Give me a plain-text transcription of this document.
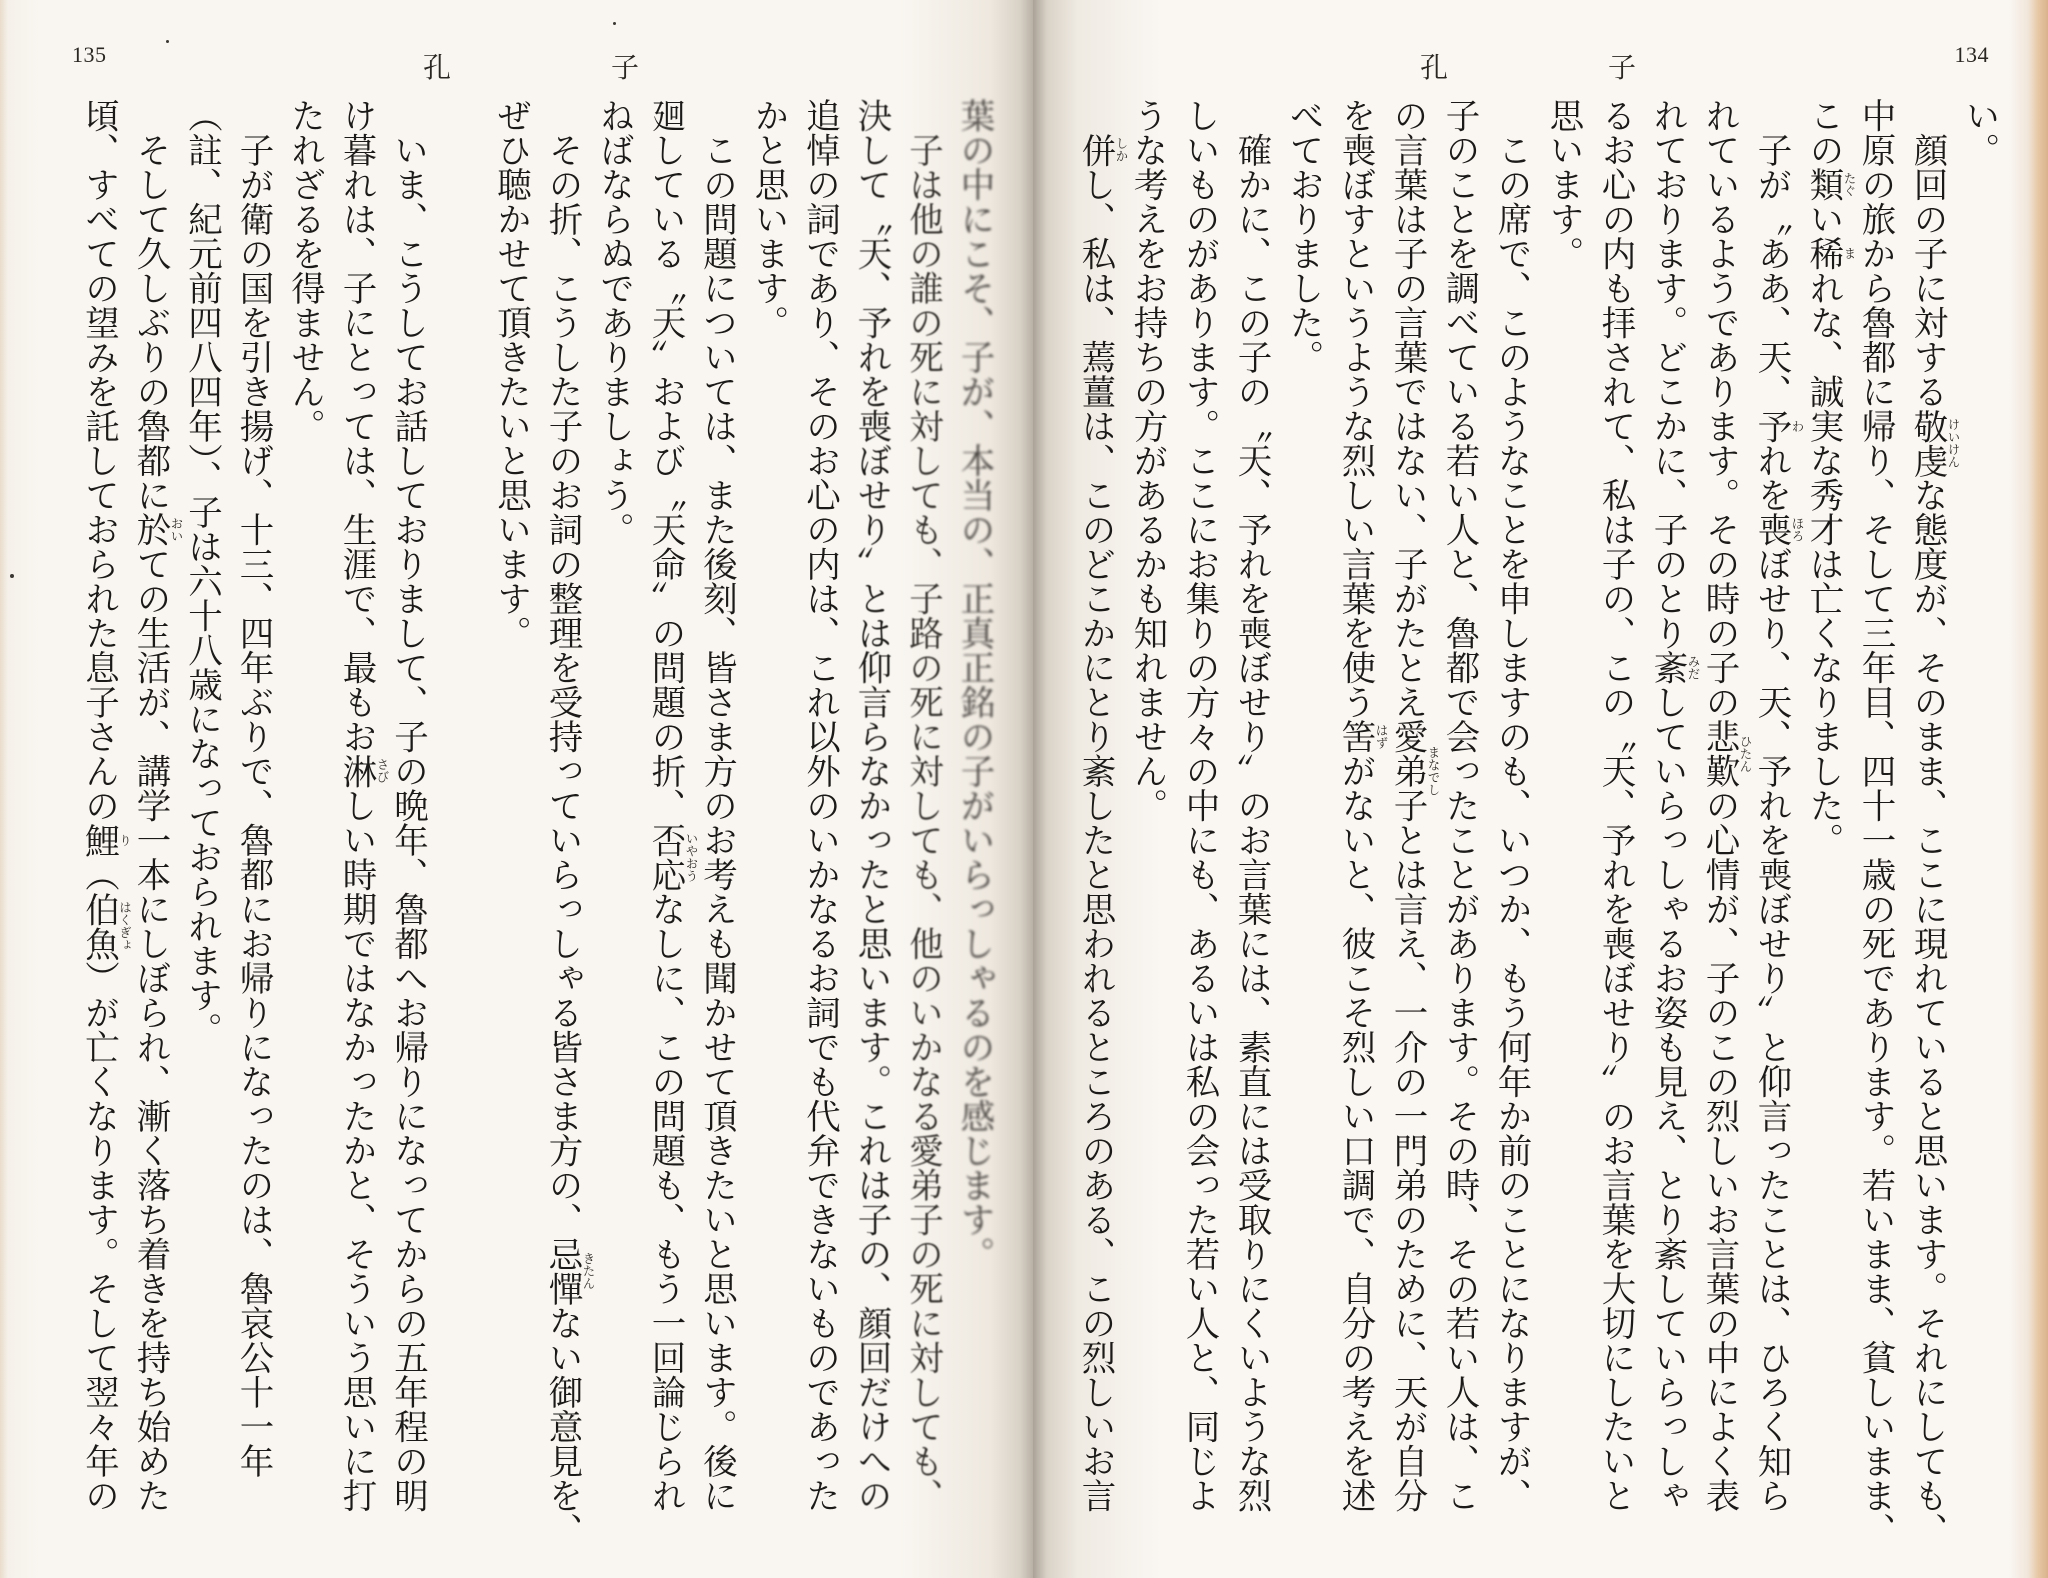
135	孔子	孔子	134
葉の中にこそ、子が、本当の、正真正銘の子がいらっしゃるのを感じます。
　子は他の誰の死に対しても、子路の死に対しても、他のいかなる愛弟子の死に対しても、
決して〝天、予れを喪ぼせり〟とは仰言らなかったと思います。これは子の、顔回だけへの
追悼の詞であり、そのお心の内は、これ以外のいかなるお詞でも代弁できないものであった
かと思います。
　この問題については、また後刻、皆さま方のお考えも聞かせて頂きたいと思います。後に
廻している〝天〟および〝天命〟の問題の折、否応 いやおう
なしに、この問題も、もう一回論じられ
ねばならぬでありましょう。
　その折、こうした子のお詞の整理を受持っていらっしゃる皆さま方の、忌憚 きたん
ない御意見を、
ぜひ聴かせて頂きたいと思います。
　いま、こうしてお話しておりまして、子の晩年、魯都へお帰りになってからの五年程の明
け暮れは、子にとっては、生涯で、最もお淋 さび
しい時期ではなかったかと、そういう思いに打
たれざるを得ません。
　子が衛の国を引き揚げ、十三、四年ぶりで、魯都にお帰りになったのは、魯哀公十一年
（註、紀元前四八四年）、子は六十八歳になっておられます。
　そして久しぶりの魯都に於 おい
ての生活が、講学一本にしぼられ、漸く落ち着きを持ち始めた
頃、すべての望みを託しておられた息子さんの鯉 り
（伯魚 はくぎょ
）が亡くなります。そして翌々年の
い。
　顔回の子に対する敬虔 けいけん
な態度が、そのまま、ここに現れていると思います。それにしても、
中原の旅から魯都に帰り、そして三年目、四十一歳の死であります。若いまま、貧しいまま、
この類 たぐ
い稀 ま
れな、誠実な秀才は亡くなりました。
　子が〝ああ、天、予 わ
れを喪 ほろ
ぼせり、天、予れを喪ぼせり〟と仰言ったことは、ひろく知ら
れているようであります。その時の子の悲歎 ひたん
の心情が、子のこの烈しいお言葉の中によく表
れております。どこかに、子のとり紊 みだ
していらっしゃるお姿も見え、とり紊していらっしゃ
るお心の内も拝されて、私は子の、この〝天、予れを喪ぼせり〟のお言葉を大切にしたいと
思います。
　この席で、このようなことを申しますのも、いつか、もう何年か前のことになりますが、
子のことを調べている若い人と、魯都で会ったことがあります。その時、その若い人は、こ
の言葉は子の言葉ではない、子がたとえ愛弟子 まなでし
とは言え、一介の一門弟のために、天が自分
を喪ぼすというような烈しい言葉を使う筈 はず
がないと、彼こそ烈しい口調で、自分の考えを述
べておりました。
　確かに、この子の〝天、予れを喪ぼせり〟のお言葉には、素直には受取りにくいような烈
しいものがあります。ここにお集りの方々の中にも、あるいは私の会った若い人と、同じよ
うな考えをお持ちの方があるかも知れません。
　併 しか
し、私は、蔫薑は、このどこかにとり紊したと思われるところのある、この烈しいお言
